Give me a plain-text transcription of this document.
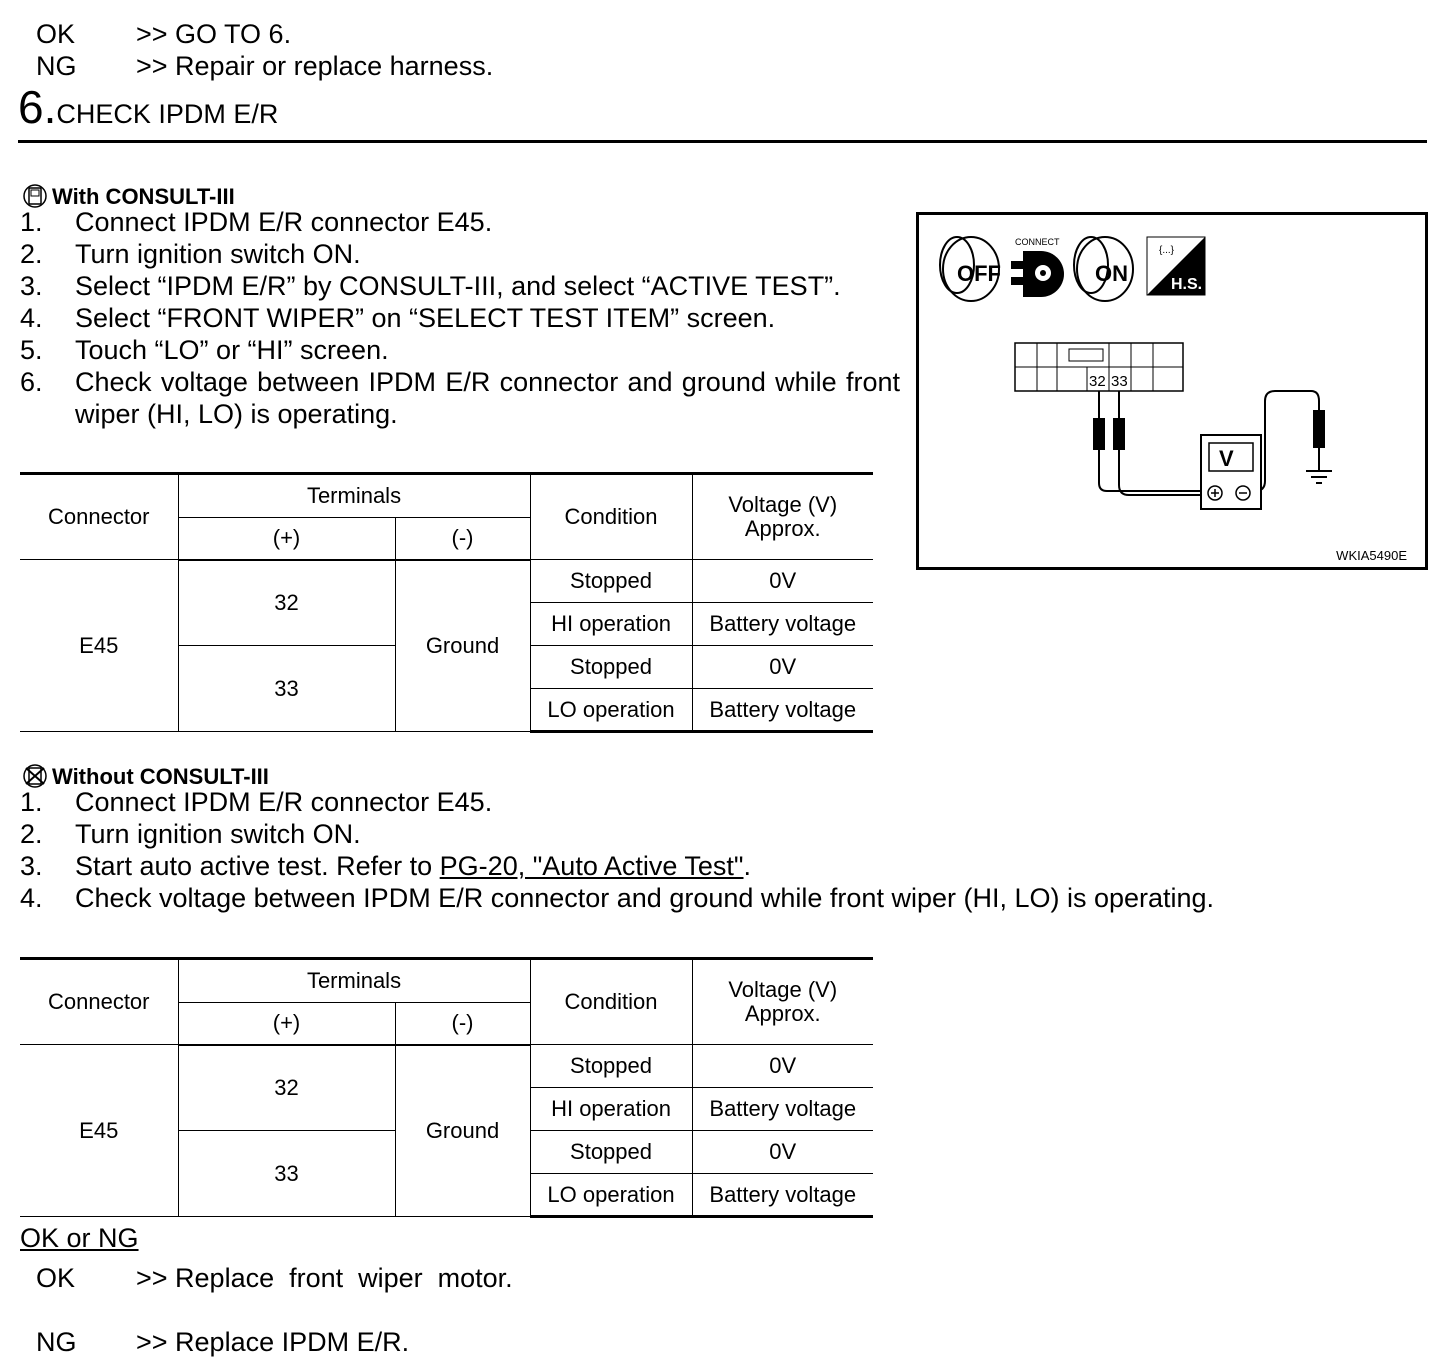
OK >> GO TO 6.
NG >> Repair or replace harness.
6.CHECK IPDM E/R
With CONSULT-III
1. Connect IPDM E/R connector E45.
2. Turn ignition switch ON.
3. Select “IPDM E/R” by CONSULT-III, and select “ACTIVE TEST”.
4. Select “FRONT WIPER” on “SELECT TEST ITEM” screen.
5. Touch “LO” or “HI” screen.
6. Check voltage between IPDM E/R connector and ground while front wiper (HI, LO) is operating.
Connector	Terminals		Condition	Voltage (V)
Approx.
	(+)	(-)		
E45	32	Ground	Stopped	0V
			HI operation	Battery voltage
	33		Stopped	0V
			LO operation	Battery voltage
OFF
CONNECT
ON
{...}
H.S.
32 33
V
WKIA5490E
Without CONSULT-III
1. Connect IPDM E/R connector E45.
2. Turn ignition switch ON.
3. Start auto active test. Refer to PG-20, "Auto Active Test".
4. Check voltage between IPDM E/R connector and ground while front wiper (HI, LO) is operating.
Connector	Terminals		Condition	Voltage (V)
Approx.
	(+)	(-)		
E45	32	Ground	Stopped	0V
			HI operation	Battery voltage
	33		Stopped	0V
			LO operation	Battery voltage
OK or NG
OK >> Replace  front  wiper  motor.
NG >> Replace IPDM E/R.
